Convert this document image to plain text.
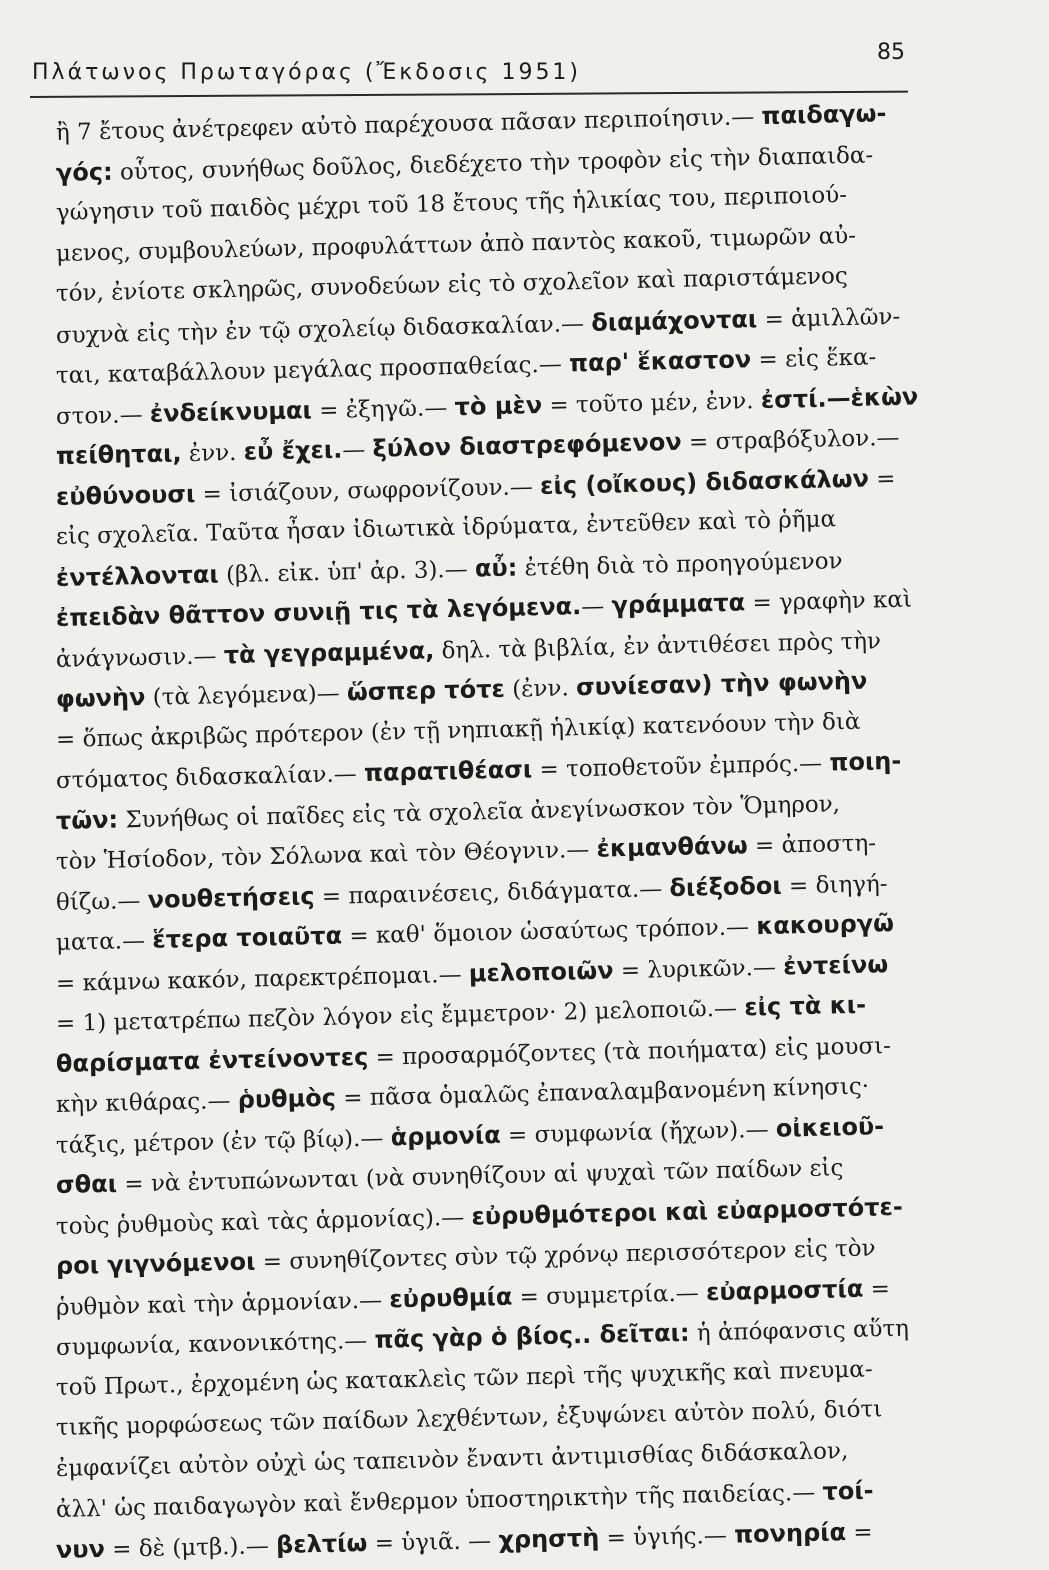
Πλάτωνος Πρωταγόρας (Ἔκδοσις 1951)
85
ἢ 7 ἔτους ἀνέτρεφεν αὐτὸ παρέχουσα πᾶσαν περιποίησιν.— παιδαγω-
γός: οὗτος, συνήθως δοῦλος, διεδέχετο τὴν τροφὸν εἰς τὴν διαπαιδα-
γώγησιν τοῦ παιδὸς μέχρι τοῦ 18 ἔτους τῆς ἡλικίας του, περιποιού-
μενος, συμβουλεύων, προφυλάττων ἀπὸ παντὸς κακοῦ, τιμωρῶν αὐ-
τόν, ἐνίοτε σκληρῶς, συνοδεύων εἰς τὸ σχολεῖον καὶ παριστάμενος
συχνὰ εἰς τὴν ἐν τῷ σχολείῳ διδασκαλίαν.— διαμάχονται = ἁμιλλῶν-
ται, καταβάλλουν μεγάλας προσπαθείας.— παρ' ἕκαστον = εἰς ἕκα-
στον.— ἐνδείκνυμαι = ἐξηγῶ.— τὸ μὲν = τοῦτο μέν, ἐνν. ἐστί.—ἑκὼν
πείθηται, ἐνν. εὖ ἔχει.— ξύλον διαστρεφόμενον = στραβόξυλον.—
εὐθύνουσι = ἰσιάζουν, σωφρονίζουν.— εἰς (οἴκους) διδασκάλων =
εἰς σχολεῖα. Ταῦτα ἦσαν ἰδιωτικὰ ἱδρύματα, ἐντεῦθεν καὶ τὸ ῥῆμα
ἐντέλλονται (βλ. εἰκ. ὑπ' ἀρ. 3).— αὖ: ἐτέθη διὰ τὸ προηγούμενον
ἐπειδὰν θᾶττον συνιῇ τις τὰ λεγόμενα.— γράμματα = γραφὴν καὶ
ἀνάγνωσιν.— τὰ γεγραμμένα, δηλ. τὰ βιβλία, ἐν ἀντιθέσει πρὸς τὴν
φωνὴν (τὰ λεγόμενα)— ὥσπερ τότε (ἐνν. συνίεσαν) τὴν φωνὴν
= ὅπως ἀκριβῶς πρότερον (ἐν τῇ νηπιακῇ ἡλικίᾳ) κατενόουν τὴν διὰ
στόματος διδασκαλίαν.— παρατιθέασι = τοποθετοῦν ἐμπρός.— ποιη-
τῶν: Συνήθως οἱ παῖδες εἰς τὰ σχολεῖα ἀνεγίνωσκον τὸν Ὅμηρον,
τὸν Ἡσίοδον, τὸν Σόλωνα καὶ τὸν Θέογνιν.— ἐκμανθάνω = ἀποστη-
θίζω.— νουθετήσεις = παραινέσεις, διδάγματα.— διέξοδοι = διηγή-
ματα.— ἕτερα τοιαῦτα = καθ' ὅμοιον ὡσαύτως τρόπον.— κακουργῶ
= κάμνω κακόν, παρεκτρέπομαι.— μελοποιῶν = λυρικῶν.— ἐντείνω
= 1) μετατρέπω πεζὸν λόγον εἰς ἔμμετρον· 2) μελοποιῶ.— εἰς τὰ κι-
θαρίσματα ἐντείνοντες = προσαρμόζοντες (τὰ ποιήματα) εἰς μουσι-
κὴν κιθάρας.— ῥυθμὸς = πᾶσα ὁμαλῶς ἐπαναλαμβανομένη κίνησις·
τάξις, μέτρον (ἐν τῷ βίῳ).— ἁρμονία = συμφωνία (ἤχων).— οἰκειοῦ-
σθαι = νὰ ἐντυπώνωνται (νὰ συνηθίζουν αἱ ψυχαὶ τῶν παίδων εἰς
τοὺς ῥυθμοὺς καὶ τὰς ἁρμονίας).— εὐρυθμότεροι καὶ εὐαρμοστότε-
ροι γιγνόμενοι = συνηθίζοντες σὺν τῷ χρόνῳ περισσότερον εἰς τὸν
ῥυθμὸν καὶ τὴν ἁρμονίαν.— εὐρυθμία = συμμετρία.— εὐαρμοστία =
συμφωνία, κανονικότης.— πᾶς γὰρ ὁ βίος.. δεῖται: ἡ ἀπόφανσις αὕτη
τοῦ Πρωτ., ἐρχομένη ὡς κατακλεὶς τῶν περὶ τῆς ψυχικῆς καὶ πνευμα-
τικῆς μορφώσεως τῶν παίδων λεχθέντων, ἐξυψώνει αὐτὸν πολύ, διότι
ἐμφανίζει αὐτὸν οὐχὶ ὡς ταπεινὸν ἔναντι ἀντιμισθίας διδάσκαλον,
ἀλλ' ὡς παιδαγωγὸν καὶ ἔνθερμον ὑποστηρικτὴν τῆς παιδείας.— τοί-
νυν = δὲ (μτβ.).— βελτίω = ὑγιᾶ. — χρηστὴ = ὑγιής.— πονηρία =
